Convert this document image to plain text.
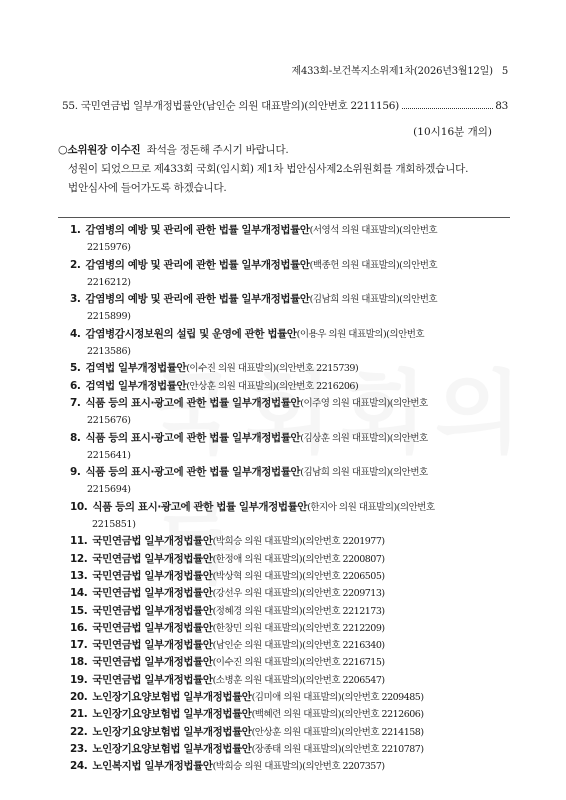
제433회-보건복지소위제1차(2026년3월12일) 5
55. 국민연금법 일부개정법률안(남인순 의원 대표발의)(의안번호 2211156)	83
(10시16분 개의)

○소위원장 이수진 좌석을 정돈해 주시기 바랍니다.

성원이 되었으므로 제433회 국회(임시회) 제1차 법안심사제2소위원회를 개회하겠습니다.

법안심사에 들어가도록 하겠습니다.

1. 감염병의 예방 및 관리에 관한 법률 일부개정법률안(서영석 의원 대표발의)(의안번호
2215976)
2. 감염병의 예방 및 관리에 관한 법률 일부개정법률안(백종헌 의원 대표발의)(의안번호
2216212)
3. 감염병의 예방 및 관리에 관한 법률 일부개정법률안(김남희 의원 대표발의)(의안번호
2215899)
4. 감염병감시정보원의 설립 및 운영에 관한 법률안(이용우 의원 대표발의)(의안번호
2213586)
5. 검역법 일부개정법률안(이수진 의원 대표발의)(의안번호 2215739)
6. 검역법 일부개정법률안(안상훈 의원 대표발의)(의안번호 2216206)
7. 식품 등의 표시·광고에 관한 법률 일부개정법률안(이주영 의원 대표발의)(의안번호
2215676)
8. 식품 등의 표시·광고에 관한 법률 일부개정법률안(김상훈 의원 대표발의)(의안번호
2215641)
9. 식품 등의 표시·광고에 관한 법률 일부개정법률안(김남희 의원 대표발의)(의안번호
2215694)
10. 식품 등의 표시·광고에 관한 법률 일부개정법률안(한지아 의원 대표발의)(의안번호
2215851)
11. 국민연금법 일부개정법률안(박희승 의원 대표발의)(의안번호 2201977)
12. 국민연금법 일부개정법률안(한정애 의원 대표발의)(의안번호 2200807)
13. 국민연금법 일부개정법률안(박상혁 의원 대표발의)(의안번호 2206505)
14. 국민연금법 일부개정법률안(강선우 의원 대표발의)(의안번호 2209713)
15. 국민연금법 일부개정법률안(정혜경 의원 대표발의)(의안번호 2212173)
16. 국민연금법 일부개정법률안(한창민 의원 대표발의)(의안번호 2212209)
17. 국민연금법 일부개정법률안(남인순 의원 대표발의)(의안번호 2216340)
18. 국민연금법 일부개정법률안(이수진 의원 대표발의)(의안번호 2216715)
19. 국민연금법 일부개정법률안(소병훈 의원 대표발의)(의안번호 2206547)
20. 노인장기요양보험법 일부개정법률안(김미애 의원 대표발의)(의안번호 2209485)
21. 노인장기요양보험법 일부개정법률안(백혜련 의원 대표발의)(의안번호 2212606)
22. 노인장기요양보험법 일부개정법률안(안상훈 의원 대표발의)(의안번호 2214158)
23. 노인장기요양보험법 일부개정법률안(장종태 의원 대표발의)(의안번호 2210787)
24. 노인복지법 일부개정법률안(박희승 의원 대표발의)(의안번호 2207357)
